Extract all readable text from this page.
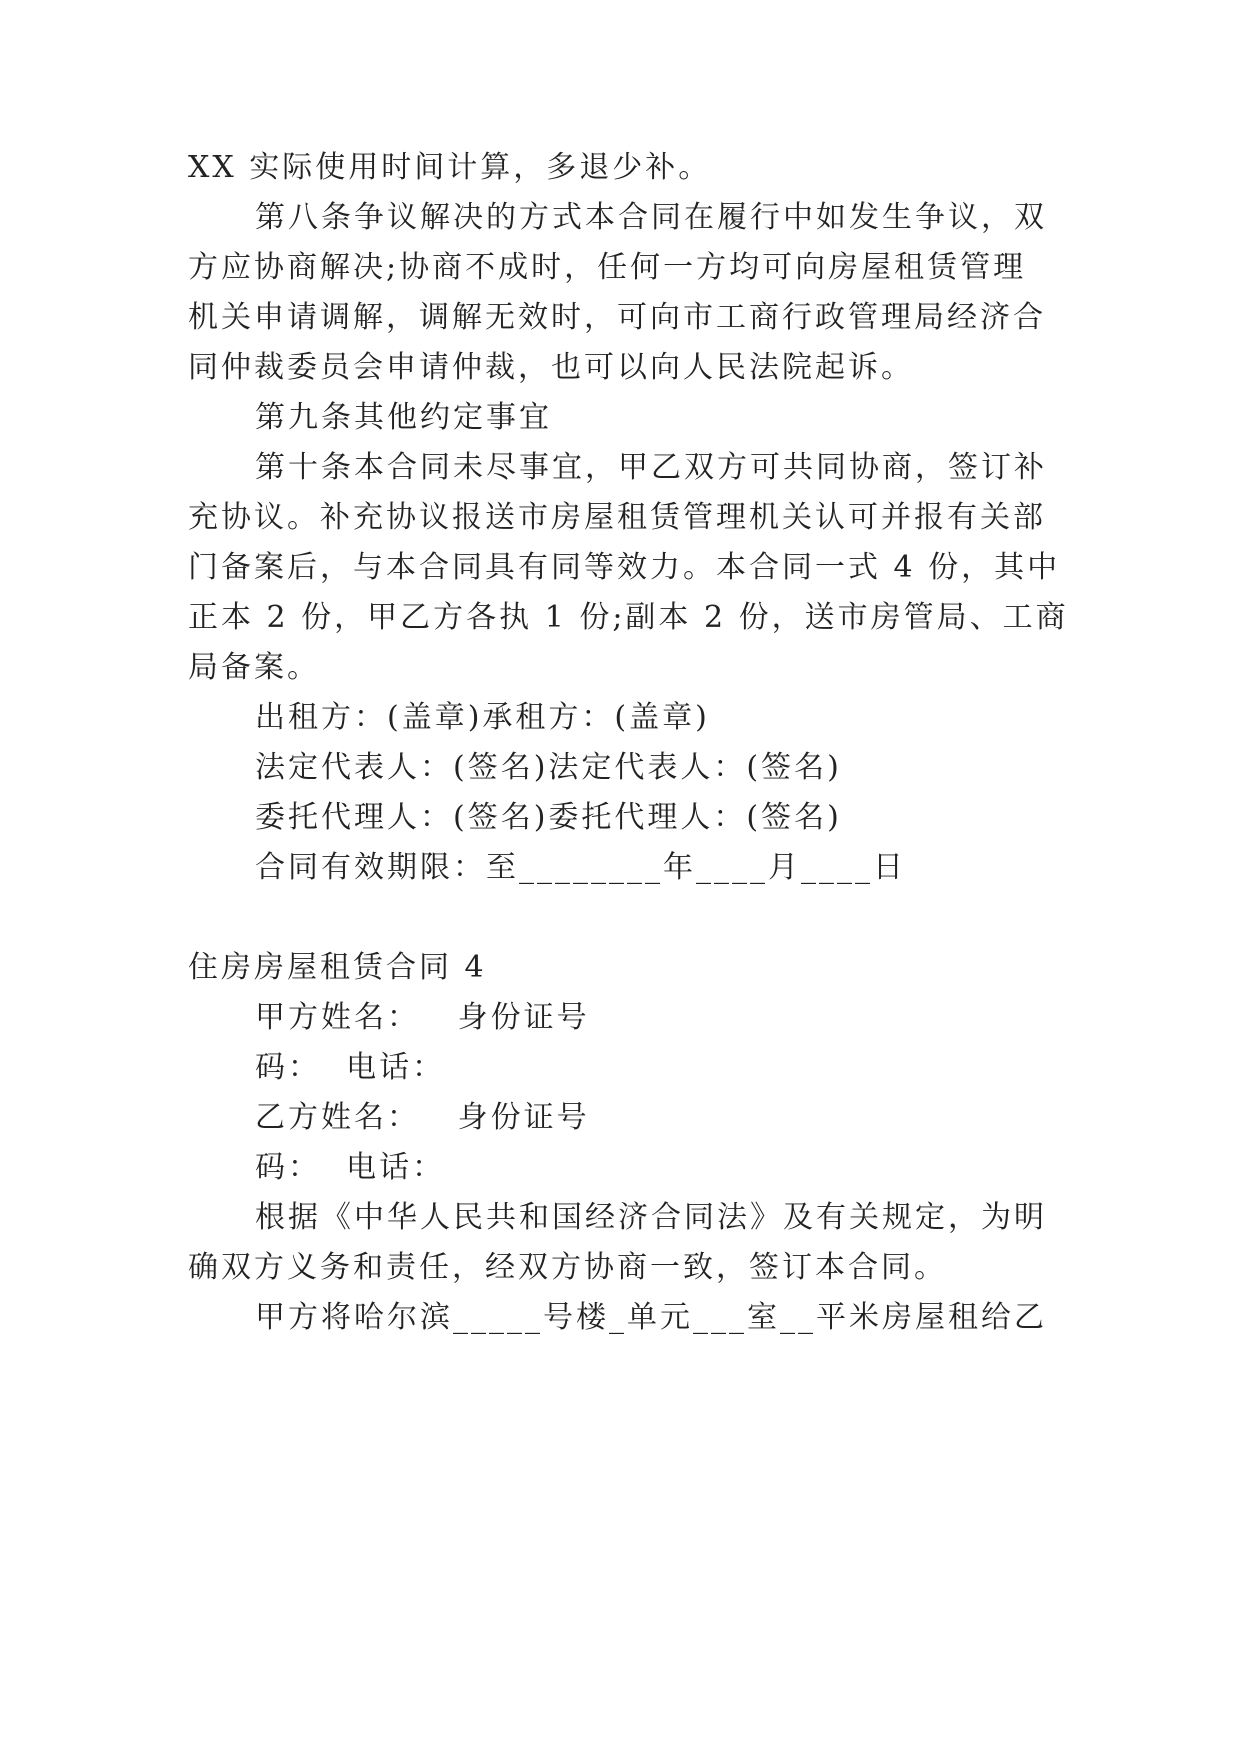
XX 实际使用时间计算，多退少补。

第八条争议解决的方式本合同在履行中如发生争议，双

方应协商解决;协商不成时，任何一方均可向房屋租赁管理

机关申请调解，调解无效时，可向市工商行政管理局经济合

同仲裁委员会申请仲裁，也可以向人民法院起诉。

第九条其他约定事宜

第十条本合同未尽事宜，甲乙双方可共同协商，签订补

充协议。补充协议报送市房屋租赁管理机关认可并报有关部

门备案后，与本合同具有同等效力。本合同一式 4 份，其中

正本 2 份，甲乙方各执 1 份;副本 2 份，送市房管局、工商

局备案。

出租方：(盖章)承租方：(盖章)

法定代表人：(签名)法定代表人：(签名)

委托代理人：(签名)委托代理人：(签名)

合同有效期限：至________年____月____日

住房房屋租赁合同 4

甲方姓名：   身份证号

码：  电话：

乙方姓名：   身份证号

码：  电话：

根据《中华人民共和国经济合同法》及有关规定，为明

确双方义务和责任，经双方协商一致，签订本合同。

甲方将哈尔滨_____号楼_单元___室__平米房屋租给乙
